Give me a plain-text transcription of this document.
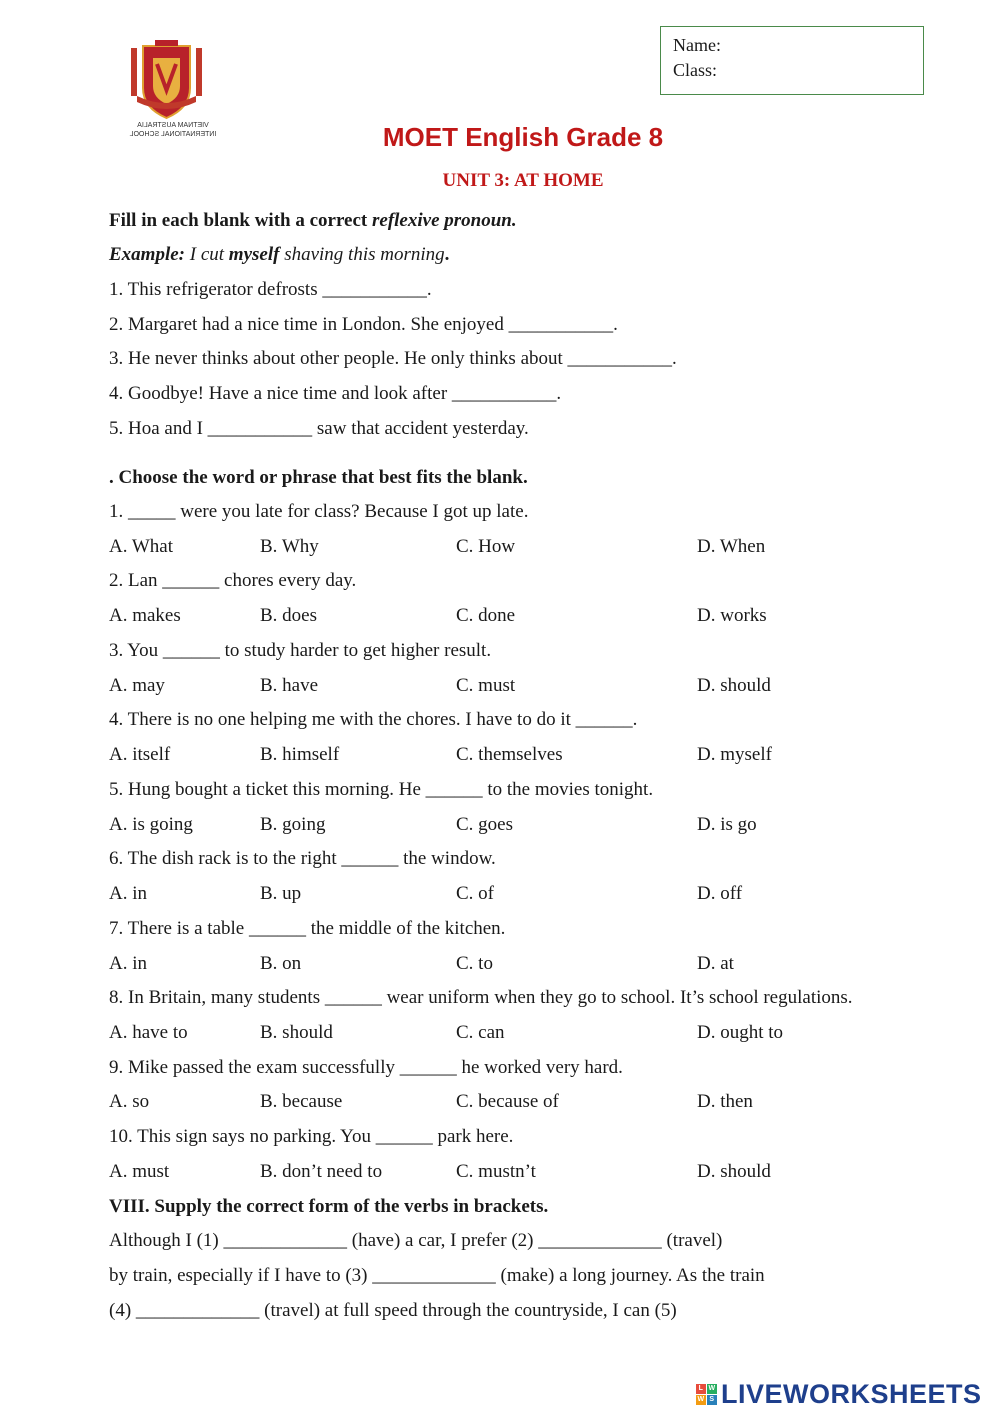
VIETNAM AUSTRALIA
INTERNATIONAL SCHOOL
Name:
Class:
MOET English Grade 8
UNIT 3: AT HOME
Fill in each blank with a correct reflexive pronoun.
Example: I cut myself shaving this morning.
1. This refrigerator defrosts ___________.
2. Margaret had a nice time in London. She enjoyed ___________.
3. He never thinks about other people. He only thinks about ___________.
4. Goodbye! Have a nice time and look after ___________.
5. Hoa and I ___________ saw that accident yesterday.
. Choose the word or phrase that best fits the blank.
1. _____ were you late for class? Because I got up late.
A. What	B. Why	C. How	D. When
2. Lan ______ chores every day.
A. makes	B. does	C. done	D. works
3. You ______ to study harder to get higher result.
A. may	B. have	C. must	D. should
4. There is no one helping me with the chores. I have to do it ______.
A. itself	B. himself	C. themselves	D. myself
5. Hung bought a ticket this morning. He ______ to the movies tonight.
A. is going	B. going	C. goes	D. is go
6. The dish rack is to the right ______ the window.
A. in	B. up	C. of	D. off
7. There is a table ______ the middle of the kitchen.
A. in	B. on	C. to	D. at
8. In Britain, many students ______ wear uniform when they go to school. It’s school regulations.
A. have to	B. should	C. can	D. ought to
9. Mike passed the exam successfully ______ he worked very hard.
A. so	B. because	C. because of	D. then
10. This sign says no parking. You ______ park here.
A. must	B. don’t need to	C. mustn’t	D. should
VIII. Supply the correct form of the verbs in brackets.
Although I (1) _____________ (have) a car, I prefer (2) _____________ (travel)
by train, especially if I have to (3) _____________ (make) a long journey. As the train
(4) _____________ (travel) at full speed through the countryside, I can (5)
L W
W S LIVEWORKSHEETS
